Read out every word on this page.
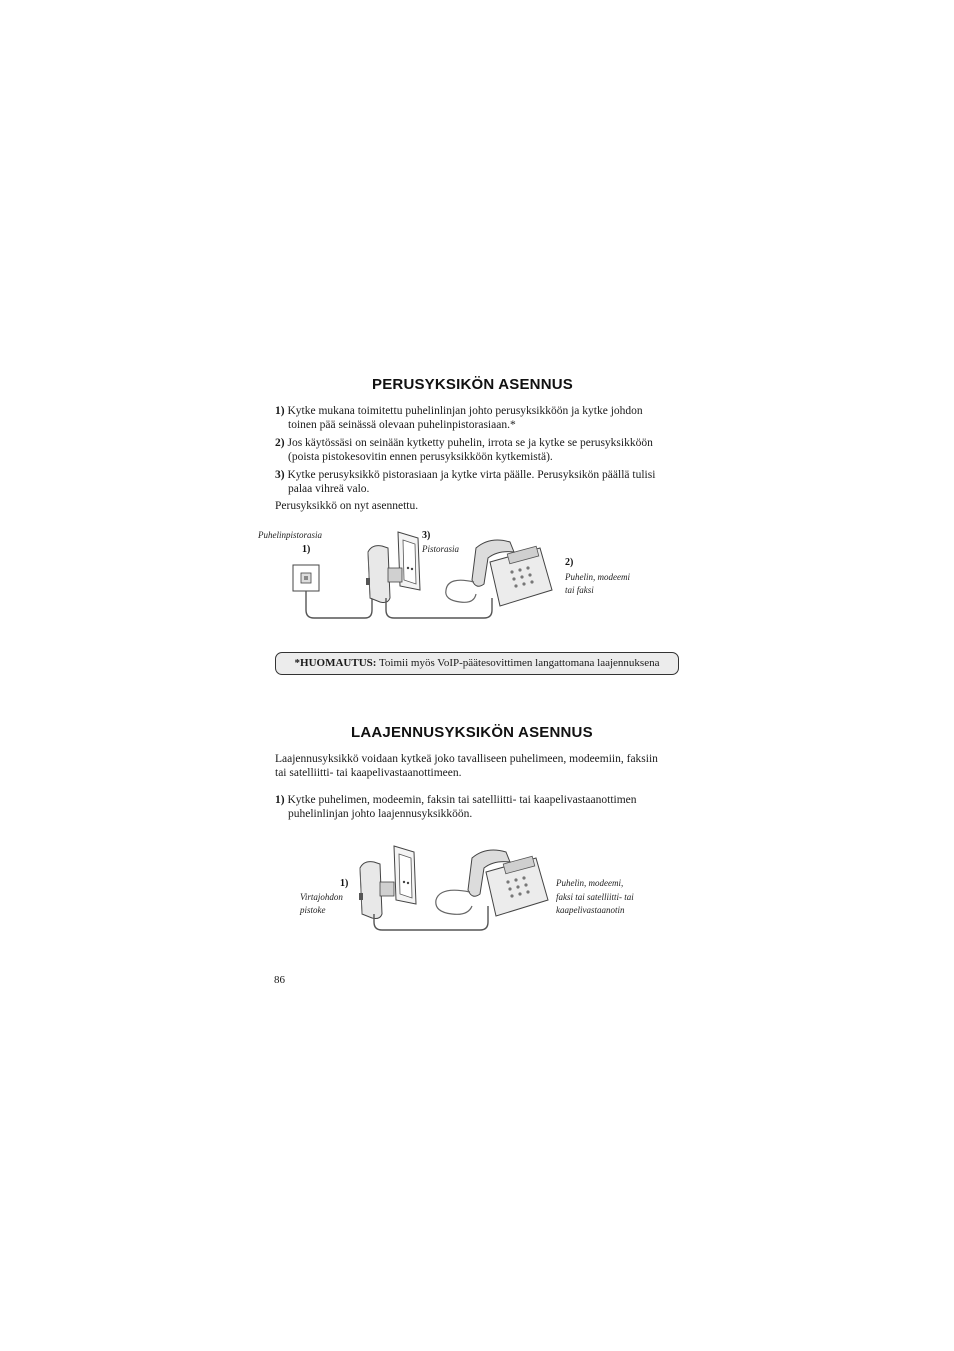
PERUSYKSIKÖN ASENNUS
1) Kytke mukana toimitettu puhelinlinjan johto perusyksikköön ja kytke johdon
toinen pää seinässä olevaan puhelinpistorasiaan.*
2) Jos käytössäsi on seinään kytketty puhelin, irrota se ja kytke se perusyksikköön
(poista pistokesovitin ennen perusyksikköön kytkemistä).
3) Kytke perusyksikkö pistorasiaan ja kytke virta päälle. Perusyksikön päällä tulisi
palaa vihreä valo.
Perusyksikkö on nyt asennettu.
Puhelinpistorasia
1)
3)
Pistorasia
2)
Puhelin, modeemi
tai faksi
*HUOMAUTUS: Toimii myös VoIP-päätesovittimen langattomana laajennuksena
LAAJENNUSYKSIKÖN ASENNUS
Laajennusyksikkö voidaan kytkeä joko tavalliseen puhelimeen, modeemiin, faksiin
tai satelliitti- tai kaapelivastaanottimeen.
1) Kytke puhelimen, modeemin, faksin tai satelliitti- tai kaapelivastaanottimen
puhelinlinjan johto laajennusyksikköön.
1)
Virtajohdon
pistoke
Puhelin, modeemi,
faksi tai satelliitti- tai
kaapelivastaanotin
86
